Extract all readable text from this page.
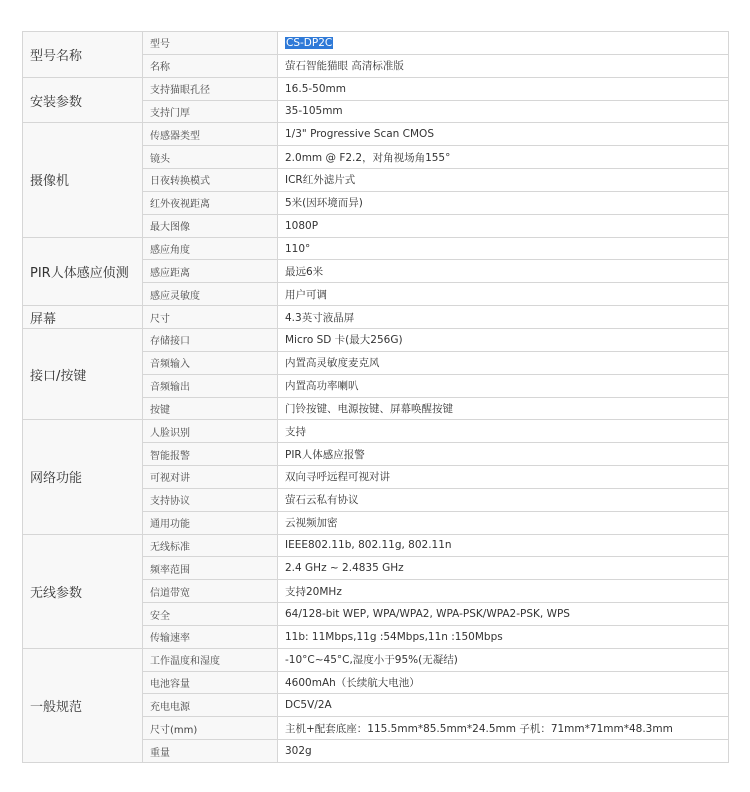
型号名称	型号	CS-DP2C
	名称	萤石智能猫眼 高清标准版
安装参数	支持猫眼孔径	16.5-50mm
	支持门厚	35-105mm
摄像机	传感器类型	1/3" Progressive Scan CMOS
	镜头	2.0mm @ F2.2，对角视场角155°
	日夜转换模式	ICR红外滤片式
	红外夜视距离	5米(因环境而异)
	最大图像	1080P
PIR人体感应侦测	感应角度	110°
	感应距离	最远6米
	感应灵敏度	用户可调
屏幕	尺寸	4.3英寸液晶屏
接口/按键	存储接口	Micro SD 卡(最大256G)
	音频输入	内置高灵敏度麦克风
	音频输出	内置高功率喇叭
	按键	门铃按键、电源按键、屏幕唤醒按键
网络功能	人脸识别	支持
	智能报警	PIR人体感应报警
	可视对讲	双向寻呼远程可视对讲
	支持协议	萤石云私有协议
	通用功能	云视频加密
无线参数	无线标准	IEEE802.11b, 802.11g, 802.11n
	频率范围	2.4 GHz ~ 2.4835 GHz
	信道带宽	支持20MHz
	安全	64/128-bit WEP, WPA/WPA2, WPA-PSK/WPA2-PSK, WPS
	传输速率	11b: 11Mbps,11g :54Mbps,11n :150Mbps
一般规范	工作温度和湿度	-10°C~45°C,湿度小于95%(无凝结)
	电池容量	4600mAh（长续航大电池）
	充电电源	DC5V/2A
	尺寸(mm)	主机+配套底座：115.5mm*85.5mm*24.5mm 子机：71mm*71mm*48.3mm
	重量	302g
